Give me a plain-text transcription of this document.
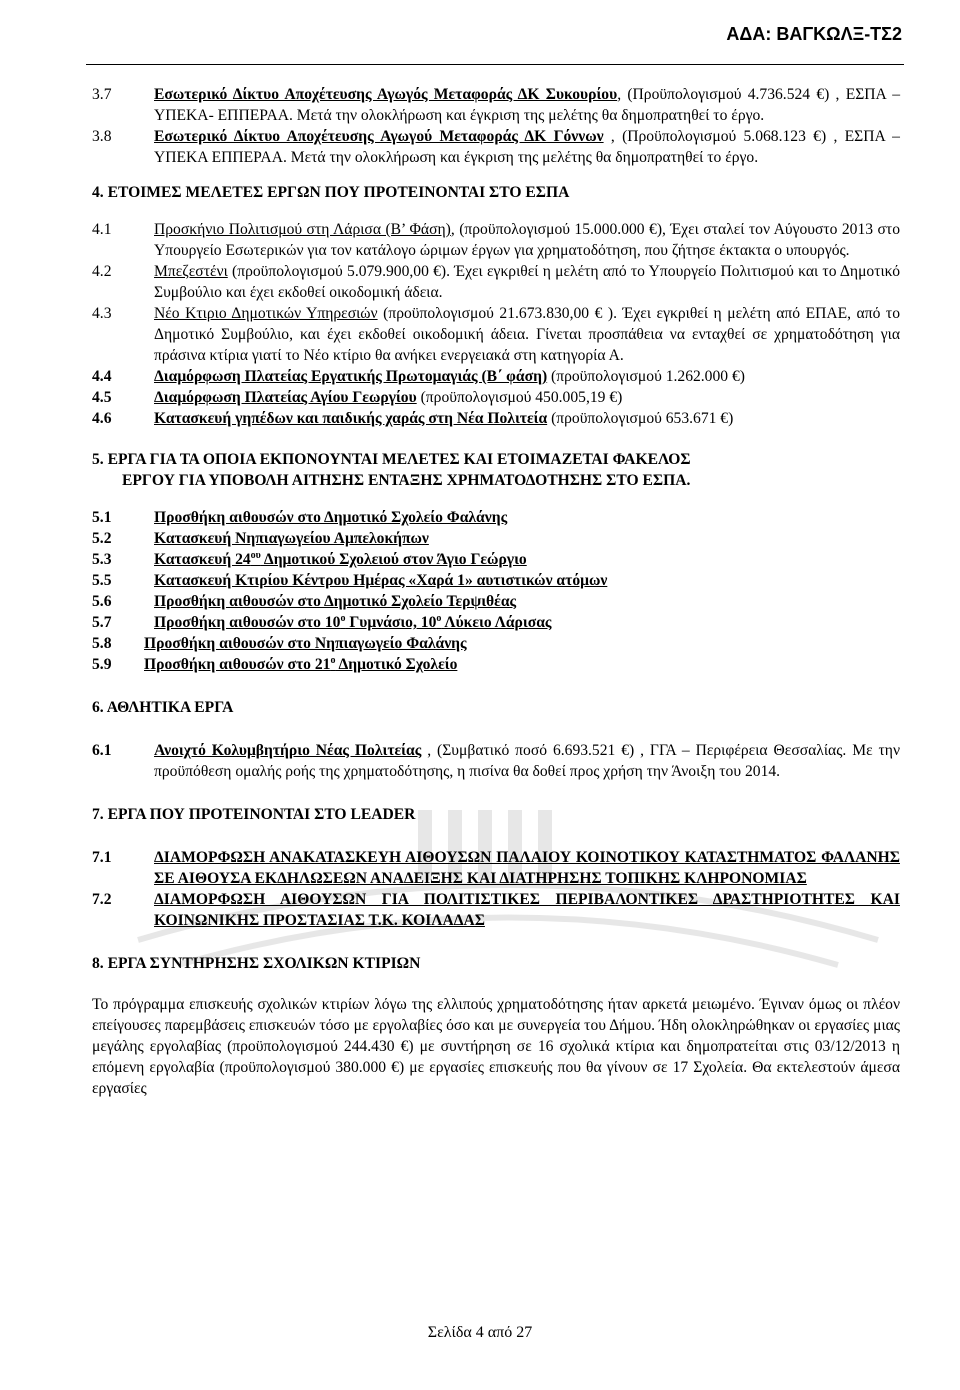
ΑΔΑ: ΒΑΓΚΩΛΞ-ΤΣ2
3.7	Εσωτερικό Δίκτυο Αποχέτευσης Αγωγός Μεταφοράς ΔΚ Συκουρίου, (Προϋπολογισμού 4.736.524 €) , ΕΣΠΑ – ΥΠΕΚΑ- ΕΠΠΕΡΑΑ. Μετά την ολοκλήρωση και έγκριση της μελέτης θα δημοπρατηθεί το έργο.
3.8	Εσωτερικό Δίκτυο Αποχέτευσης Αγωγού Μεταφοράς ΔΚ Γόννων , (Προϋπολογισμού 5.068.123 €) , ΕΣΠΑ – ΥΠΕΚΑ ΕΠΠΕΡΑΑ. Μετά την ολοκλήρωση και έγκριση της μελέτης θα δημοπρατηθεί το έργο.
4. ΕΤΟΙΜΕΣ ΜΕΛΕΤΕΣ ΕΡΓΩΝ ΠΟΥ ΠΡΟΤΕΙΝΟΝΤΑΙ ΣΤΟ ΕΣΠΑ
4.1	Προσκήνιο Πολιτισμού στη Λάρισα (Β’ Φάση), (προϋπολογισμού 15.000.000 €), Έχει σταλεί τον Αύγουστο 2013 στο Υπουργείο Εσωτερικών για τον κατάλογο ώριμων έργων για χρηματοδότηση, που ζήτησε έκτακτα ο υπουργός.
4.2	Μπεζεστένι (προϋπολογισμού 5.079.900,00 €). Έχει εγκριθεί η μελέτη από το Υπουργείο Πολιτισμού και το Δημοτικό Συμβούλιο και έχει εκδοθεί οικοδομική άδεια.
4.3	Νέο Κτιριο Δημοτικών Υπηρεσιών (προϋπολογισμού 21.673.830,00 € ). Έχει εγκριθεί η μελέτη από ΕΠΑΕ, από το Δημοτικό Συμβούλιο, και έχει εκδοθεί οικοδομική άδεια. Γίνεται προσπάθεια να ενταχθεί σε χρηματοδότηση για πράσινα κτίρια γιατί το Νέο κτίριο θα ανήκει ενεργειακά στη κατηγορία Α.
4.4	Διαμόρφωση Πλατείας Εργατικής Πρωτομαγιάς (Β΄ φάση) (προϋπολογισμού 1.262.000 €)
4.5	Διαμόρφωση Πλατείας Αγίου Γεωργίου (προϋπολογισμού 450.005,19 €)
4.6	Κατασκευή γηπέδων και παιδικής χαράς στη Νέα Πολιτεία (προϋπολογισμού 653.671 €)
5. ΕΡΓΑ ΓΙΑ ΤΑ ΟΠΟΙΑ ΕΚΠΟΝΟΥΝΤΑΙ ΜΕΛΕΤΕΣ ΚΑΙ ΕΤΟΙΜΑΖΕΤΑΙ ΦΑΚΕΛΟΣ
ΕΡΓΟΥ ΓΙΑ ΥΠΟΒΟΛΗ ΑΙΤΗΣΗΣ ΕΝΤΑΞΗΣ ΧΡΗΜΑΤΟΔΟΤΗΣΗΣ ΣΤΟ ΕΣΠΑ.
5.1	Προσθήκη αιθουσών στο Δημοτικό Σχολείο Φαλάνης
5.2	Κατασκευή Νηπιαγωγείου Αμπελοκήπων
5.3	Κατασκευή $24^{o\upsilon}$ Δημοτικού Σχολειού στον Άγιο Γεώργιο
5.5	Κατασκευή Κτιρίου Κέντρου Ημέρας «Χαρά 1» αυτιστικών ατόμων
5.6	Προσθήκη αιθουσών στο Δημοτικό Σχολείο Τερψιθέας
5.7	Προσθήκη αιθουσών στο $10^o$ Γυμνάσιο, $10^o$ Λύκειο Λάρισας
5.8	Προσθήκη αιθουσών στο Νηπιαγωγείο Φαλάνης
5.9	Προσθήκη αιθουσών στο $21^o$ Δημοτικό Σχολείο
6. ΑΘΛΗΤΙΚΑ ΕΡΓΑ
6.1	Ανοιχτό Κολυμβητήριο Νέας Πολιτείας , (Συμβατικό ποσό 6.693.521 €) , ΓΓΑ – Περιφέρεια Θεσσαλίας. Με την προϋπόθεση ομαλής ροής της χρηματοδότησης, η πισίνα θα δοθεί προς χρήση την Άνοιξη του 2014.
7. ΕΡΓΑ ΠΟΥ ΠΡΟΤΕΙΝΟΝΤΑΙ ΣΤΟ LEADER
7.1	ΔΙΑΜΟΡΦΩΣΗ ΑΝΑΚΑΤΑΣΚΕΥΗ ΑΙΘΟΥΣΩΝ ΠΑΛΑΙΟΥ ΚΟΙΝΟΤΙΚΟΥ ΚΑΤΑΣΤΗΜΑΤΟΣ ΦΑΛΑΝΗΣ ΣΕ ΑΙΘΟΥΣΑ ΕΚΔΗΛΩΣΕΩΝ ΑΝΑΔΕΙΞΗΣ ΚΑΙ ΔΙΑΤΗΡΗΣΗΣ ΤΟΠΙΚΗΣ ΚΛΗΡΟΝΟΜΙΑΣ
7.2	ΔΙΑΜΟΡΦΩΣΗ ΑΙΘΟΥΣΩΝ ΓΙΑ ΠΟΛΙΤΙΣΤΙΚΕΣ ΠΕΡΙΒΑΛΟΝΤΙΚΕΣ ΔΡΑΣΤΗΡΙΟΤΗΤΕΣ ΚΑΙ ΚΟΙΝΩΝΙΚΗΣ ΠΡΟΣΤΑΣΙΑΣ Τ.Κ. ΚΟΙΛΑΔΑΣ
8. ΕΡΓΑ ΣΥΝΤΗΡΗΣΗΣ ΣΧΟΛΙΚΩΝ ΚΤΙΡΙΩΝ
Το πρόγραμμα επισκευής σχολικών κτιρίων λόγω της ελλιπούς χρηματοδότησης ήταν αρκετά μειωμένο. Έγιναν όμως οι πλέον επείγουσες παρεμβάσεις επισκευών τόσο με εργολαβίες όσο και με συνεργεία του Δήμου. Ήδη ολοκληρώθηκαν οι εργασίες μιας μεγάλης εργολαβίας (προϋπολογισμού 244.430 €) με συντήρηση σε 16 σχολικά κτίρια και δημοπρατείται στις 03/12/2013 η επόμενη εργολαβία (προϋπολογισμού 380.000 €) με εργασίες επισκευής που θα γίνουν σε 17 Σχολεία. Θα εκτελεστούν άμεσα εργασίες
Σελίδα 4 από 27
